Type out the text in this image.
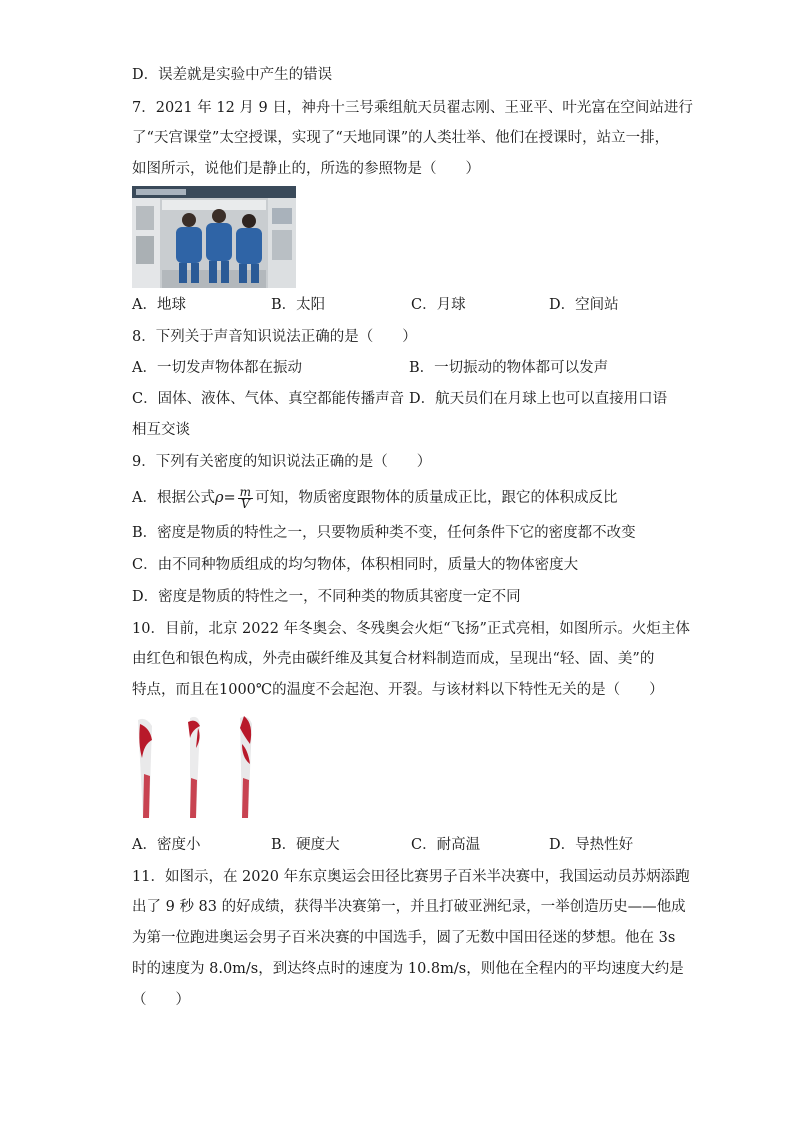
D．误差就是实验中产生的错误
7．2021 年 12 月 9 日，神舟十三号乘组航天员翟志刚、王亚平、叶光富在空间站进行
了“天宫课堂”太空授课，实现了“天地同课”的人类壮举、他们在授课时，站立一排，
如图所示，说他们是静止的，所选的参照物是（　　）
A．地球	B．太阳	C．月球	D．空间站
8．下列关于声音知识说法正确的是（　　）
A．一切发声物体都在振动	B．一切振动的物体都可以发声
C．固体、液体、气体、真空都能传播声音 D．航天员们在月球上也可以直接用口语
相互交谈
9．下列有关密度的知识说法正确的是（　　）
A．根据公式$\rho= \frac{m}{V}$ 可知，物质密度跟物体的质量成正比，跟它的体积成反比
B．密度是物质的特性之一，只要物质种类不变，任何条件下它的密度都不改变
C．由不同种物质组成的均匀物体，体积相同时，质量大的物体密度大
D．密度是物质的特性之一，不同种类的物质其密度一定不同
10．目前，北京 2022 年冬奥会、冬残奥会火炬“飞扬”正式亮相，如图所示。火炬主体
由红色和银色构成，外壳由碳纤维及其复合材料制造而成，呈现出“轻、固、美”的
特点，而且在1000℃的温度不会起泡、开裂。与该材料以下特性无关的是（　　）
A．密度小	B．硬度大	C．耐高温	D．导热性好
11．如图示，在 2020 年东京奥运会田径比赛男子百米半决赛中，我国运动员苏炳添跑
出了 9 秒 83 的好成绩，获得半决赛第一，并且打破亚洲纪录，一举创造历史——他成
为第一位跑进奥运会男子百米决赛的中国选手，圆了无数中国田径迷的梦想。他在 3s
时的速度为 8.0m/s，到达终点时的速度为 10.8m/s，则他在全程内的平均速度大约是
（　　）
